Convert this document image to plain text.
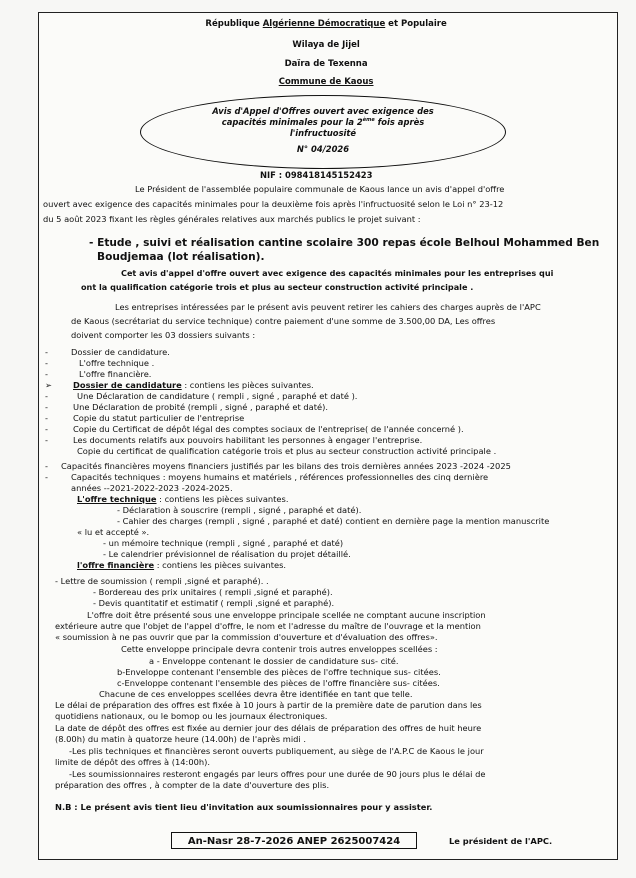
République Algérienne Démocratique et Populaire
Wilaya de Jijel
Daïra de Texenna
Commune de Kaous
Avis d'Appel d'Offres ouvert avec exigence des
capacités minimales pour la 2ème fois après
l'infructuosité
N° 04/2026
NIF : 098418145152423
Le Président de l'assemblée populaire communale de Kaous lance un avis d'appel d'offre
ouvert avec exigence des capacités minimales pour la deuxième fois après l'infructuosité selon le Loi n° 23-12
du 5 août 2023 fixant les règles générales relatives aux marchés publics le projet suivant :
- Etude , suivi et réalisation cantine scolaire 300 repas école Belhoul Mohammed Ben
Boudjemaa (lot réalisation).
Cet avis d'appel d'offre ouvert avec exigence des capacités minimales pour les entreprises qui
ont la qualification catégorie trois et plus au secteur construction activité principale .
Les entreprises intéressées par le présent avis peuvent retirer les cahiers des charges auprès de l'APC
de Kaous (secrétariat du service technique) contre paiement d'une somme de 3.500,00 DA, Les offres
doivent comporter les 03 dossiers suivants :
-	Dossier de candidature.
-	L'offre technique .
-	L'offre financière.
➢	Dossier de candidature : contiens les pièces suivantes.
-	Une Déclaration de candidature ( rempli , signé , paraphé et daté ).
-	Une Déclaration de probité (rempli , signé , paraphé et daté).
-	Copie du statut particulier de l'entreprise
-	Copie du Certificat de dépôt légal des comptes sociaux de l'entreprise( de l'année concerné ).
-	Les documents relatifs aux pouvoirs habilitant les personnes à engager l'entreprise.
Copie du certificat de qualification catégorie trois et plus au secteur construction activité principale .
- Capacités financières moyens financiers justifiés par les bilans des trois dernières années 2023 -2024 -2025
-	Capacités techniques : moyens humains et matériels , références professionnelles des cinq dernière
années --2021-2022-2023 -2024-2025.
L'offre technique : contiens les pièces suivantes.
- Déclaration à souscrire (rempli , signé , paraphé et daté).
- Cahier des charges (rempli , signé , paraphé et daté) contient en dernière page la mention manuscrite
« lu et accepté ».
- un mémoire technique (rempli , signé , paraphé et daté)
- Le calendrier prévisionnel de réalisation du projet détaillé.
l'offre financière : contiens les pièces suivantes.
- Lettre de soumission ( rempli ,signé et paraphé). .
- Bordereau des prix unitaires ( rempli ,signé et paraphé).
- Devis quantitatif et estimatif ( rempli ,signé et paraphé).
L'offre doit être présenté sous une enveloppe principale scellée ne comptant aucune inscription
extérieure autre que l'objet de l'appel d'offre, le nom et l'adresse du maître de l'ouvrage et la mention
« soumission à ne pas ouvrir que par la commission d'ouverture et d'évaluation des offres».
Cette enveloppe principale devra contenir trois autres enveloppes scellées :
a - Enveloppe contenant le dossier de candidature sus- cité.
b-Enveloppe contenant l'ensemble des pièces de l'offre technique sus- citées.
c-Enveloppe contenant l'ensemble des pièces de l'offre financière sus- citées.
Chacune de ces enveloppes scellées devra être identifiée en tant que telle.
Le délai de préparation des offres est fixée à 10 jours à partir de la première date de parution dans les
quotidiens nationaux, ou le bomop ou les journaux électroniques.
La date de dépôt des offres est fixée au dernier jour des délais de préparation des offres de huit heure
(8.00h) du matin à quatorze heure (14.00h) de l'après midi .
-Les plis techniques et financières seront ouverts publiquement, au siège de l'A.P.C de Kaous le jour
limite de dépôt des offres à (14:00h).
-Les soumissionnaires resteront engagés par leurs offres pour une durée de 90 jours plus le délai de
préparation des offres , à compter de la date d'ouverture des plis.
N.B : Le présent avis tient lieu d'invitation aux soumissionnaires pour y assister.
Le président de l'APC.
An-Nasr 28-7-2026 ANEP 2625007424
